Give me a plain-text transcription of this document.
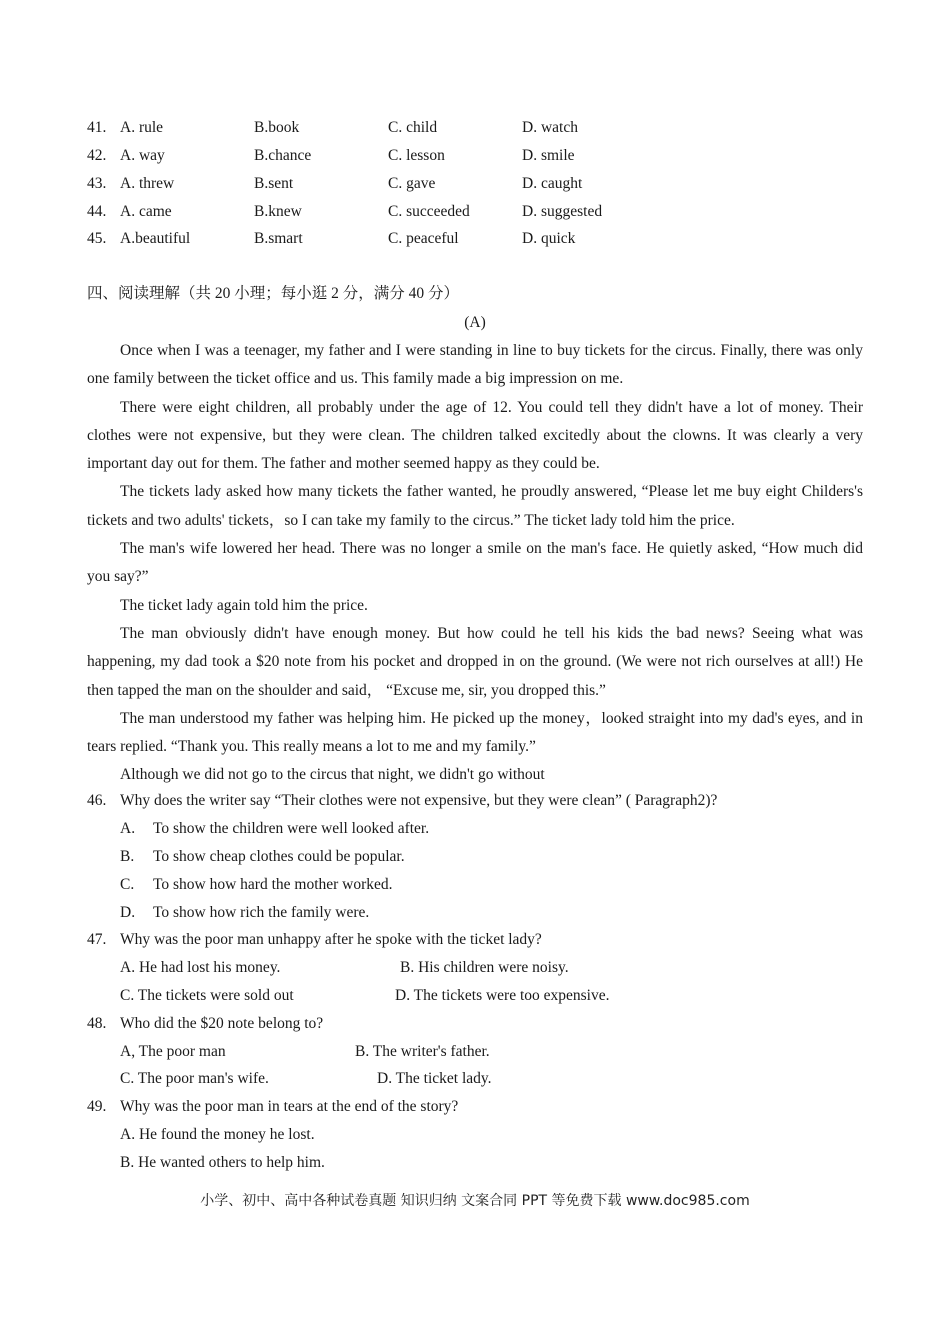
41. A. rule	B.book	C. child	D. watch
42. A. way	B.chance	C. lesson	D. smile
43. A. threw	B.sent	C. gave	D. caught
44. A. came	B.knew	C. succeeded	D. suggested
45. A.beautiful	B.smart	C. peaceful	D. quick
四、阅读理解（共 20 小理；每小逛 2 分，满分 40 分）
(A)

Once when I was a teenager, my father and I were standing in line to buy tickets for the circus. Finally, there was only one family between the ticket office and us. This family made a big impression on me.

There were eight children, all probably under the age of 12. You could tell they didn't have a lot of money. Their clothes were not expensive, but they were clean. The children talked excitedly about the clowns. It was clearly a very important day out for them. The father and mother seemed happy as they could be.

The tickets lady asked how many tickets the father wanted, he proudly answered, “Please let me buy eight Childers's tickets and two adults' tickets，so I can take my family to the circus.” The ticket lady told him the price.

The man's wife lowered her head. There was no longer a smile on the man's face. He quietly asked, “How much did you say?”

The ticket lady again told him the price.

The man obviously didn't have enough money. But how could he tell his kids the bad news? Seeing what was happening, my dad took a $20 note from his pocket and dropped in on the ground. (We were not rich ourselves at all!) He then tapped the man on the shoulder and said， “Excuse me, sir, you dropped this.”

The man understood my father was helping him. He picked up the money，looked straight into my dad's eyes, and in tears replied. “Thank you. This really means a lot to me and my family.”

Although we did not go to the circus that night, we didn't go without

46. Why does the writer say “Their clothes were not expensive, but they were clean” ( Paragraph2)?
A. To show the children were well looked after.
B. To show cheap clothes could be popular.
C. To show how hard the mother worked.
D. To show how rich the family were.
47. Why was the poor man unhappy after he spoke with the ticket lady?
A. He had lost his money.	B. His children were noisy.
C. The tickets were sold out	D. The tickets were too expensive.
48. Who did the $20 note belong to?
A, The poor man	B. The writer's father.
C. The poor man's wife.	D. The ticket lady.
49. Why was the poor man in tears at the end of the story?
A. He found the money he lost.
B. He wanted others to help him.
小学、初中、高中各种试卷真题 知识归纳 文案合同 PPT 等免费下载 www.doc985.com
